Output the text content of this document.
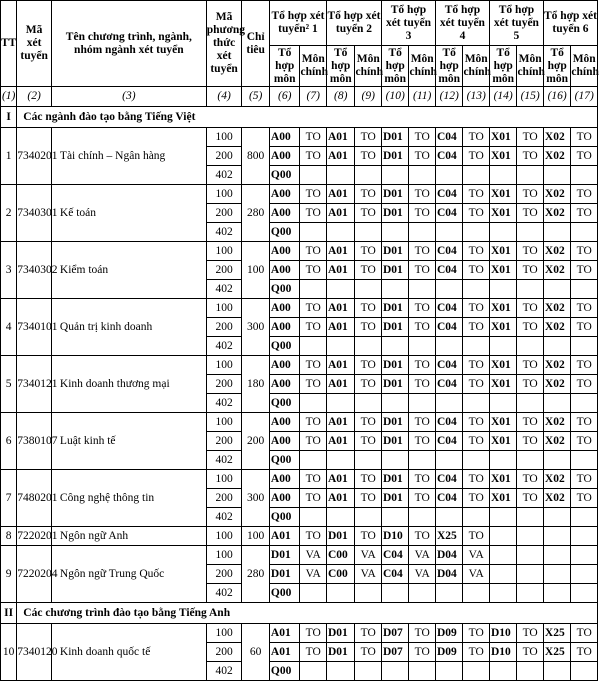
TT	Mã xét tuyển	Tên chương trình, ngành, nhóm ngành xét tuyển	Mã phương thức xét tuyển	Chỉ tiêu	Tổ hợp xét tuyển² 1		Tổ hợp xét tuyển 2		Tổ hợp xét tuyển 3		Tổ hợp xét tuyển 4		Tổ hợp xét tuyển 5		Tổ hợp xét tuyển 6	
					Tổ hợp môn	Môn chính	Tổ hợp môn	Môn chính	Tổ hợp môn	Môn chính	Tổ hợp môn	Môn chính	Tổ hợp môn	Môn chính	Tổ hợp môn	Môn chính
(1)	(2)	(3)	(4)	(5)	(6)	(7)	(8)	(9)	(10)	(11)	(12)	(13)	(14)	(15)	(16)	(17)
I	Các ngành đào tạo bằng Tiếng Việt															
1	7340201	Tài chính – Ngân hàng	100	800	A00	TO	A01	TO	D01	TO	C04	TO	X01	TO	X02	TO
			200		A00	TO	A01	TO	D01	TO	C04	TO	X01	TO	X02	TO
			402		Q00											
2	7340301	Kế toán	100	280	A00	TO	A01	TO	D01	TO	C04	TO	X01	TO	X02	TO
			200		A00	TO	A01	TO	D01	TO	C04	TO	X01	TO	X02	TO
			402		Q00											
3	7340302	Kiểm toán	100	100	A00	TO	A01	TO	D01	TO	C04	TO	X01	TO	X02	TO
			200		A00	TO	A01	TO	D01	TO	C04	TO	X01	TO	X02	TO
			402		Q00											
4	7340101	Quản trị kinh doanh	100	300	A00	TO	A01	TO	D01	TO	C04	TO	X01	TO	X02	TO
			200		A00	TO	A01	TO	D01	TO	C04	TO	X01	TO	X02	TO
			402		Q00											
5	7340121	Kinh doanh thương mại	100	180	A00	TO	A01	TO	D01	TO	C04	TO	X01	TO	X02	TO
			200		A00	TO	A01	TO	D01	TO	C04	TO	X01	TO	X02	TO
			402		Q00											
6	7380107	Luật kinh tế	100	200	A00	TO	A01	TO	D01	TO	C04	TO	X01	TO	X02	TO
			200		A00	TO	A01	TO	D01	TO	C04	TO	X01	TO	X02	TO
			402		Q00											
7	7480201	Công nghệ thông tin	100	300	A00	TO	A01	TO	D01	TO	C04	TO	X01	TO	X02	TO
			200		A00	TO	A01	TO	D01	TO	C04	TO	X01	TO	X02	TO
			402		Q00											
8	7220201	Ngôn ngữ Anh	100	100	A01	TO	D01	TO	D10	TO	X25	TO				
9	7220204	Ngôn ngữ Trung Quốc	100	280	D01	VA	C00	VA	C04	VA	D04	VA				
			200		D01	VA	C00	VA	C04	VA	D04	VA				
			402		Q00											
II	Các chương trình đào tạo bằng Tiếng Anh															
10	7340120	Kinh doanh quốc tế	100	60	A01	TO	D01	TO	D07	TO	D09	TO	D10	TO	X25	TO
			200		A01	TO	D01	TO	D07	TO	D09	TO	D10	TO	X25	TO
			402		Q00											
